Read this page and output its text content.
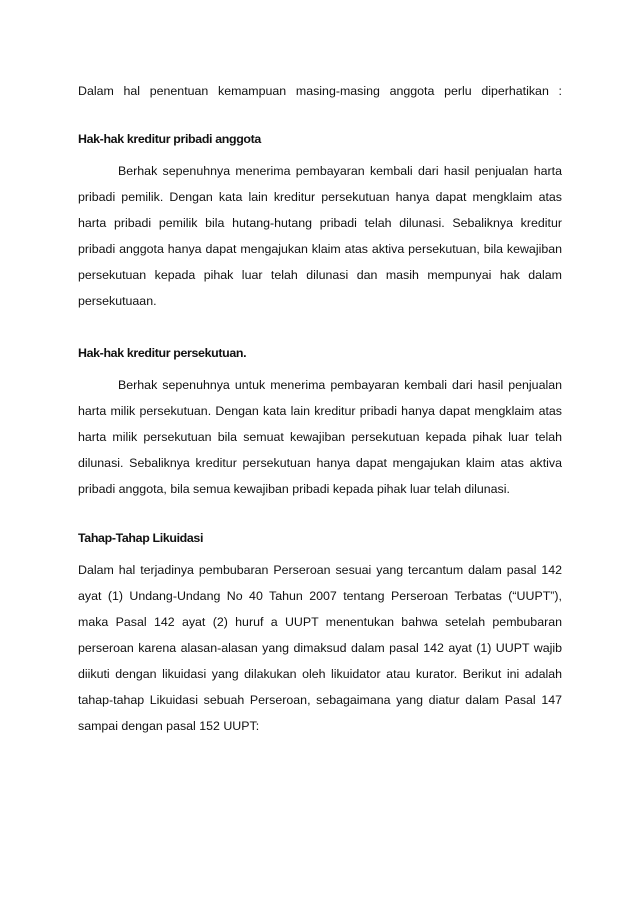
Dalam hal penentuan kemampuan masing-masing anggota perlu diperhatikan :

Hak-hak kreditur pribadi anggota

Berhak sepenuhnya menerima pembayaran kembali dari hasil penjualan harta pribadi pemilik. Dengan kata lain kreditur persekutuan hanya dapat mengklaim atas harta pribadi pemilik bila hutang-hutang pribadi telah dilunasi. Sebaliknya kreditur pribadi anggota hanya dapat mengajukan klaim atas aktiva persekutuan, bila kewajiban persekutuan kepada pihak luar telah dilunasi dan masih mempunyai hak dalam persekutuaan.

Hak-hak kreditur persekutuan.

Berhak sepenuhnya untuk menerima pembayaran kembali dari hasil penjualan harta milik persekutuan. Dengan kata lain kreditur pribadi hanya dapat mengklaim atas harta milik persekutuan bila semuat kewajiban persekutuan kepada pihak luar telah dilunasi. Sebaliknya kreditur persekutuan hanya dapat mengajukan klaim atas aktiva pribadi anggota, bila semua kewajiban pribadi kepada pihak luar telah dilunasi.

Tahap-Tahap Likuidasi

Dalam hal terjadinya pembubaran Perseroan sesuai yang tercantum dalam pasal 142 ayat (1) Undang-Undang No 40 Tahun 2007 tentang Perseroan Terbatas (“UUPT”), maka Pasal 142 ayat (2) huruf a UUPT menentukan bahwa setelah pembubaran perseroan karena alasan-alasan yang dimaksud dalam pasal 142 ayat (1) UUPT wajib diikuti dengan likuidasi yang dilakukan oleh likuidator atau kurator. Berikut ini adalah tahap-tahap Likuidasi sebuah Perseroan, sebagaimana yang diatur dalam Pasal 147 sampai dengan pasal 152 UUPT:
